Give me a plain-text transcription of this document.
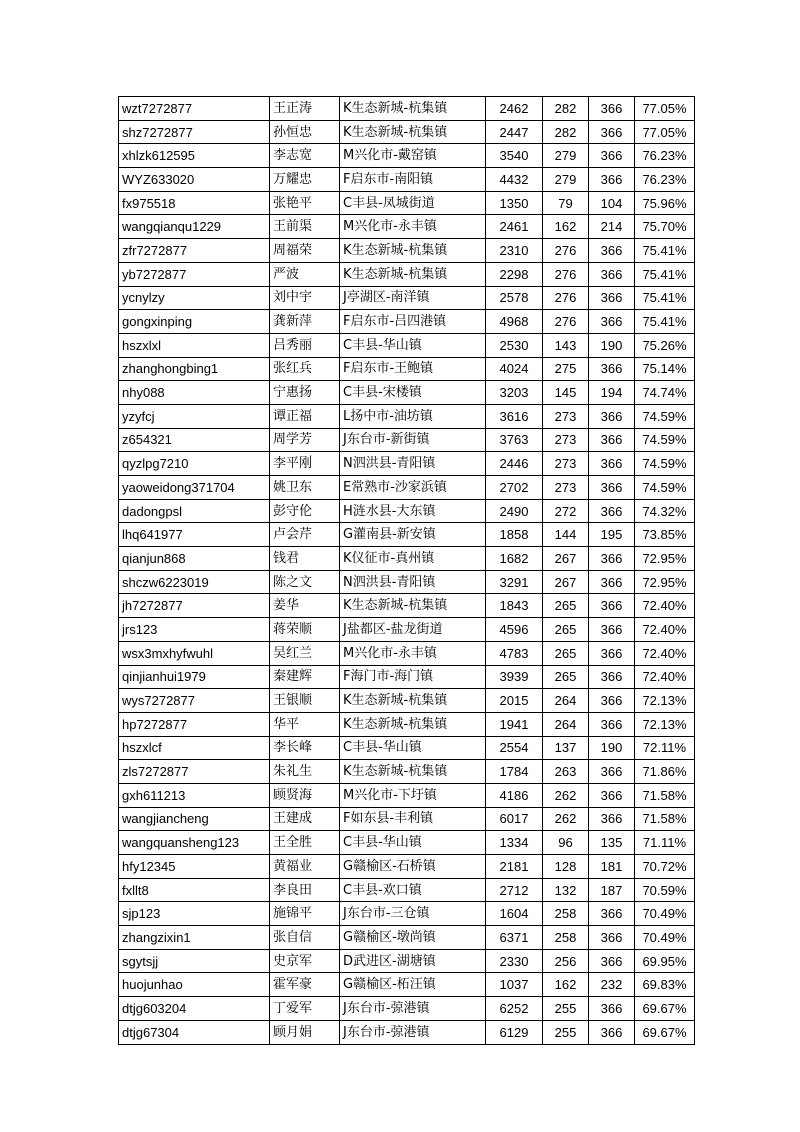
wzt7272877	王正涛	K生态新城-杭集镇	2462	282	366	77.05%
shz7272877	孙恒忠	K生态新城-杭集镇	2447	282	366	77.05%
xhlzk612595	李志宽	M兴化市-戴窑镇	3540	279	366	76.23%
WYZ633020	万耀忠	F启东市-南阳镇	4432	279	366	76.23%
fx975518	张艳平	C丰县-凤城街道	1350	79	104	75.96%
wangqianqu1229	王前渠	M兴化市-永丰镇	2461	162	214	75.70%
zfr7272877	周福荣	K生态新城-杭集镇	2310	276	366	75.41%
yb7272877	严波	K生态新城-杭集镇	2298	276	366	75.41%
ycnylzy	刘中宇	J亭湖区-南洋镇	2578	276	366	75.41%
gongxinping	龚新萍	F启东市-吕四港镇	4968	276	366	75.41%
hszxlxl	吕秀丽	C丰县-华山镇	2530	143	190	75.26%
zhanghongbing1	张红兵	F启东市-王鲍镇	4024	275	366	75.14%
nhy088	宁惠扬	C丰县-宋楼镇	3203	145	194	74.74%
yzyfcj	谭正福	L扬中市-油坊镇	3616	273	366	74.59%
z654321	周学芳	J东台市-新街镇	3763	273	366	74.59%
qyzlpg7210	李平刚	N泗洪县-青阳镇	2446	273	366	74.59%
yaoweidong371704	姚卫东	E常熟市-沙家浜镇	2702	273	366	74.59%
dadongpsl	彭守伦	H涟水县-大东镇	2490	272	366	74.32%
lhq641977	卢会芹	G灌南县-新安镇	1858	144	195	73.85%
qianjun868	钱君	K仪征市-真州镇	1682	267	366	72.95%
shczw6223019	陈之文	N泗洪县-青阳镇	3291	267	366	72.95%
jh7272877	姜华	K生态新城-杭集镇	1843	265	366	72.40%
jrs123	蒋荣顺	J盐都区-盐龙街道	4596	265	366	72.40%
wsx3mxhyfwuhl	吴红兰	M兴化市-永丰镇	4783	265	366	72.40%
qinjianhui1979	秦建辉	F海门市-海门镇	3939	265	366	72.40%
wys7272877	王银顺	K生态新城-杭集镇	2015	264	366	72.13%
hp7272877	华平	K生态新城-杭集镇	1941	264	366	72.13%
hszxlcf	李长峰	C丰县-华山镇	2554	137	190	72.11%
zls7272877	朱礼生	K生态新城-杭集镇	1784	263	366	71.86%
gxh611213	顾贤海	M兴化市-下圩镇	4186	262	366	71.58%
wangjiancheng	王建成	F如东县-丰利镇	6017	262	366	71.58%
wangquansheng123	王全胜	C丰县-华山镇	1334	96	135	71.11%
hfy12345	黄福业	G赣榆区-石桥镇	2181	128	181	70.72%
fxllt8	李良田	C丰县-欢口镇	2712	132	187	70.59%
sjp123	施锦平	J东台市-三仓镇	1604	258	366	70.49%
zhangzixin1	张自信	G赣榆区-墩尚镇	6371	258	366	70.49%
sgytsjj	史京军	D武进区-湖塘镇	2330	256	366	69.95%
huojunhao	霍军豪	G赣榆区-柘汪镇	1037	162	232	69.83%
dtjg603204	丁爱军	J东台市-弶港镇	6252	255	366	69.67%
dtjg67304	顾月娟	J东台市-弶港镇	6129	255	366	69.67%
